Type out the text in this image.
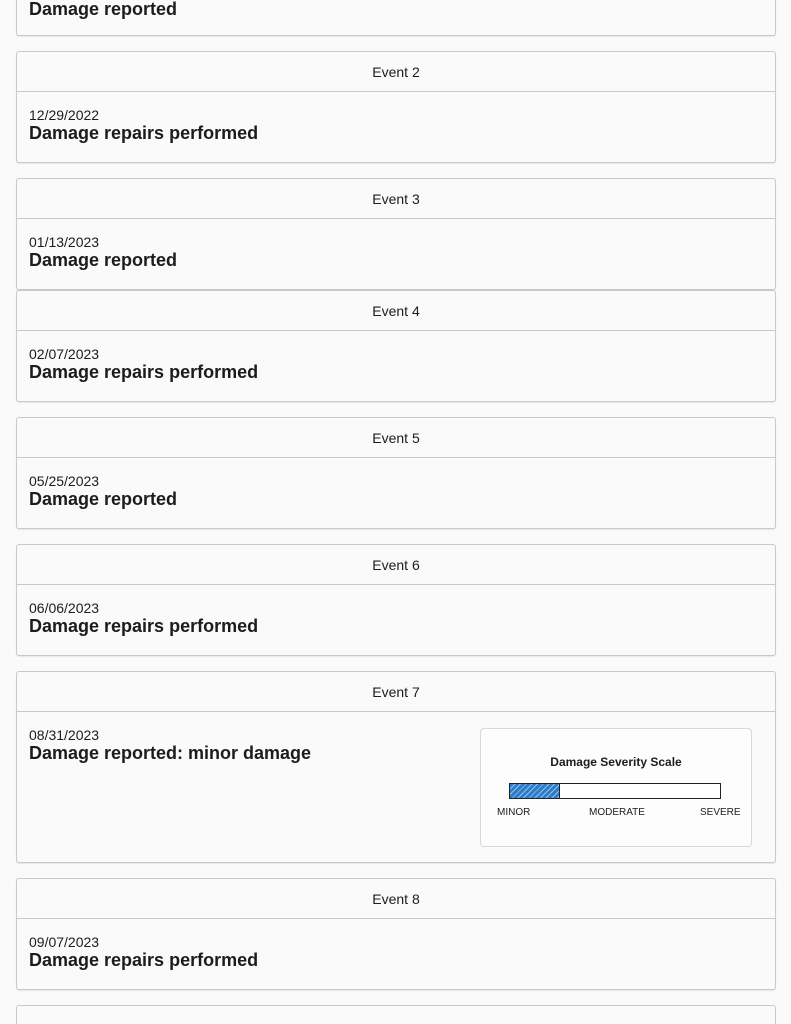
Damage reported
Event 2
12/29/2022
Damage repairs performed
Event 3
01/13/2023
Damage reported
Event 4
02/07/2023
Damage repairs performed
Event 5
05/25/2023
Damage reported
Event 6
06/06/2023
Damage repairs performed
Event 7
08/31/2023
Damage reported: minor damage	Damage Severity Scale
MINOR	MODERATE	SEVERE
Event 8
09/07/2023
Damage repairs performed
